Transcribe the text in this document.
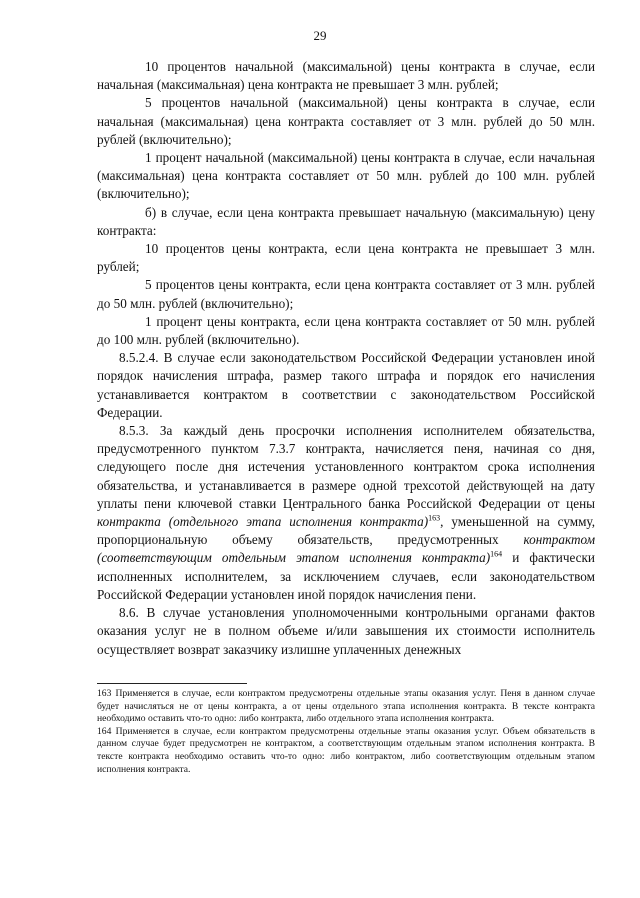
29

10 процентов начальной (максимальной) цены контракта в случае, если начальная (максимальная) цена контракта не превышает 3 млн. рублей;

5 процентов начальной (максимальной) цены контракта в случае, если начальная (максимальная) цена контракта составляет от 3 млн. рублей до 50 млн. рублей (включительно);

1 процент начальной (максимальной) цены контракта в случае, если начальная (максимальная) цена контракта составляет от 50 млн. рублей до 100 млн. рублей (включительно);

б) в случае, если цена контракта превышает начальную (максимальную) цену контракта:

10 процентов цены контракта, если цена контракта не превышает 3 млн. рублей;

5 процентов цены контракта, если цена контракта составляет от 3 млн. рублей до 50 млн. рублей (включительно);

1 процент цены контракта, если цена контракта составляет от 50 млн. рублей до 100 млн. рублей (включительно).

8.5.2.4. В случае если законодательством Российской Федерации установлен иной порядок начисления штрафа, размер такого штрафа и порядок его начисления устанавливается контрактом в соответствии с законодательством Российской Федерации.

8.5.3. За каждый день просрочки исполнения исполнителем обязательства, предусмотренного пунктом 7.3.7 контракта, начисляется пеня, начиная со дня, следующего после дня истечения установленного контрактом срока исполнения обязательства, и устанавливается в размере одной трехсотой действующей на дату уплаты пени ключевой ставки Центрального банка Российской Федерации от цены контракта (отдельного этапа исполнения контракта)$^{163}$, уменьшенной на сумму, пропорциональную объему обязательств, предусмотренных контрактом (соответствующим отдельным этапом исполнения контракта)$^{164}$ и фактически исполненных исполнителем, за исключением случаев, если законодательством Российской Федерации установлен иной порядок начисления пени.

8.6. В случае установления уполномоченными контрольными органами фактов оказания услуг не в полном объеме и/или завышения их стоимости исполнитель осуществляет возврат заказчику излишне уплаченных денежных

163 Применяется в случае, если контрактом предусмотрены отдельные этапы оказания услуг. Пеня в данном случае будет начисляться не от цены контракта, а от цены отдельного этапа исполнения контракта. В тексте контракта необходимо оставить что-то одно: либо контракта, либо отдельного этапа исполнения контракта.

164 Применяется в случае, если контрактом предусмотрены отдельные этапы оказания услуг. Объем обязательств в данном случае будет предусмотрен не контрактом, а соответствующим отдельным этапом исполнения контракта. В тексте контракта необходимо оставить что-то одно: либо контрактом, либо соответствующим отдельным этапом исполнения контракта.
